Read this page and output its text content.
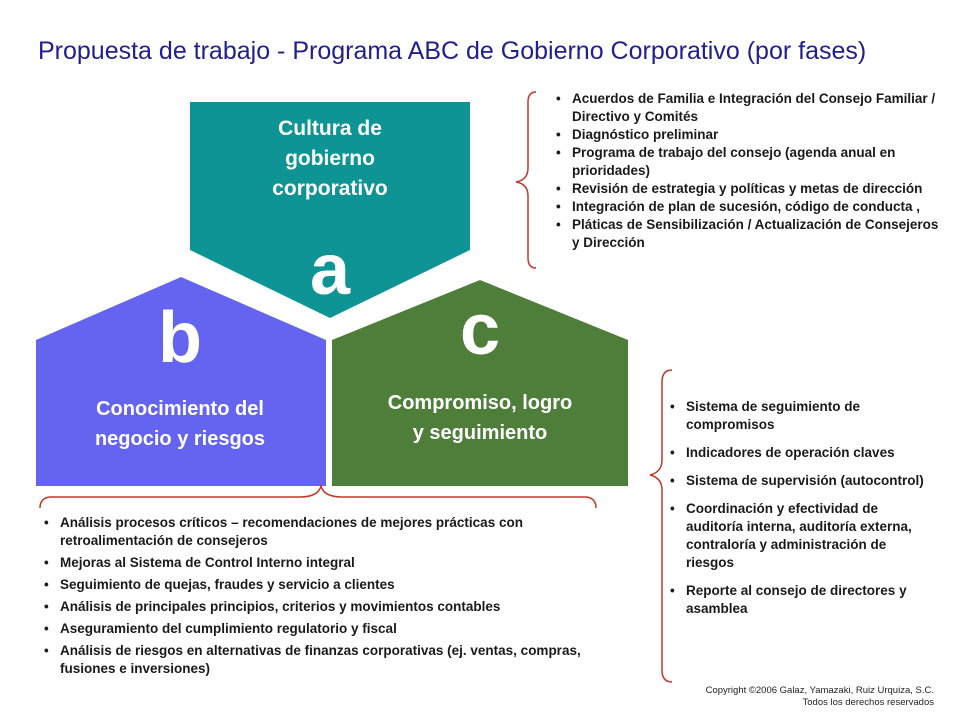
Propuesta de trabajo - Programa ABC de Gobierno Corporativo (por fases)
Cultura de gobierno corporativo
a
b
Conocimiento del negocio y riesgos
c
Compromiso, logro y seguimiento
• Acuerdos de Familia e Integración del Consejo Familiar / Directivo y Comités
• Diagnóstico preliminar
• Programa de trabajo del consejo (agenda anual en prioridades)
• Revisión de estrategia y políticas y metas de dirección
• Integración de plan de sucesión, código de conducta ,
• Pláticas de Sensibilización / Actualización de Consejeros y Dirección
• Análisis procesos críticos – recomendaciones de mejores prácticas con retroalimentación de consejeros
• Mejoras al Sistema de Control Interno integral
• Seguimiento de quejas, fraudes y servicio a clientes
• Análisis de principales principios, criterios y movimientos contables
• Aseguramiento del cumplimiento regulatorio y fiscal
• Análisis de riesgos en alternativas de finanzas corporativas (ej. ventas, compras, fusiones e inversiones)
• Sistema de seguimiento de compromisos
• Indicadores de operación claves
• Sistema de supervisión (autocontrol)
• Coordinación y efectividad de auditoría interna, auditoría externa, contraloría y administración de riesgos
• Reporte al consejo de directores y asamblea
Copyright ©2006 Galaz, Yamazaki, Ruiz Urquiza, S.C.
Todos los derechos reservados
